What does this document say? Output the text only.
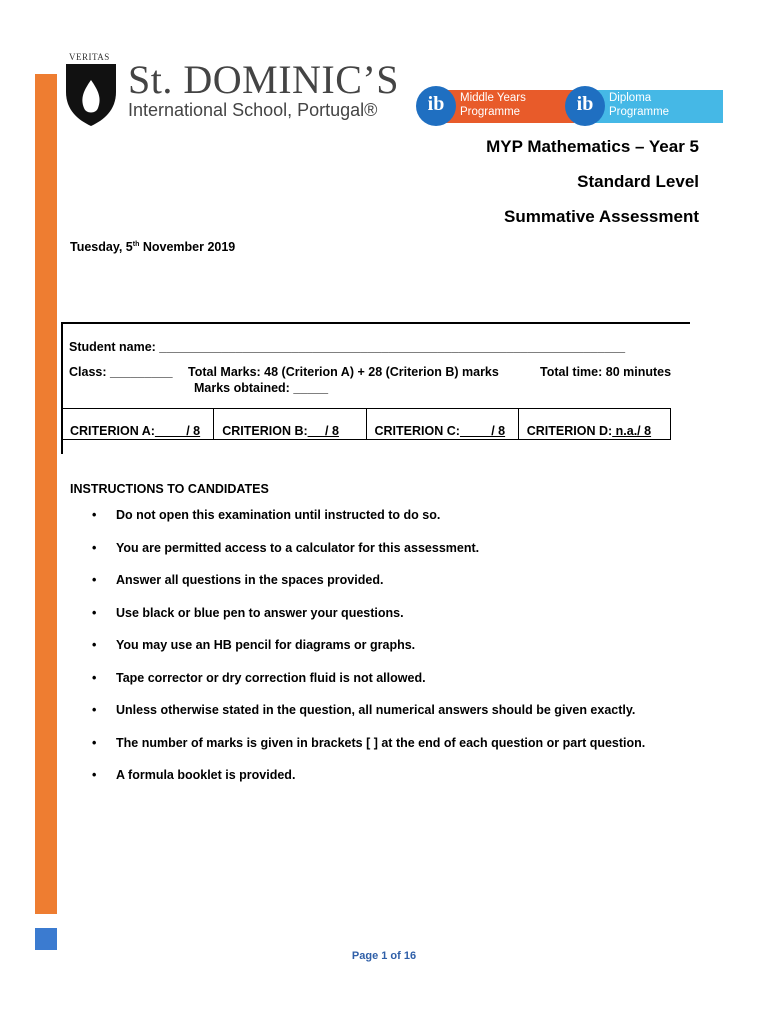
VERITAS St. DOMINIC’S
International School, Portugal®
Middle Years
Programme
ib	Diploma
Programme
ib
MYP Mathematics – Year 5
Standard Level
Summative Assessment
Tuesday, 5th November 2019
Student name: ___________________________________________________________________
Class: _________ Total Marks: 48 (Criterion A) + 28 (Criterion B) marks	Total time: 80 minutes
Marks obtained: _____
CRITERION A:__ __/ 8	CRITERION B:__ / 8	CRITERION C: ____/ 8	CRITERION D: n.a./ 8
INSTRUCTIONS TO CANDIDATES
• Do not open this examination until instructed to do so.
• You are permitted access to a calculator for this assessment.
• Answer all questions in the spaces provided.
• Use black or blue pen to answer your questions.
• You may use an HB pencil for diagrams or graphs.
• Tape corrector or dry correction fluid is not allowed.
• Unless otherwise stated in the question, all numerical answers should be given exactly.
• The number of marks is given in brackets [ ] at the end of each question or part question.
• A formula booklet is provided.
Page 1 of 16
